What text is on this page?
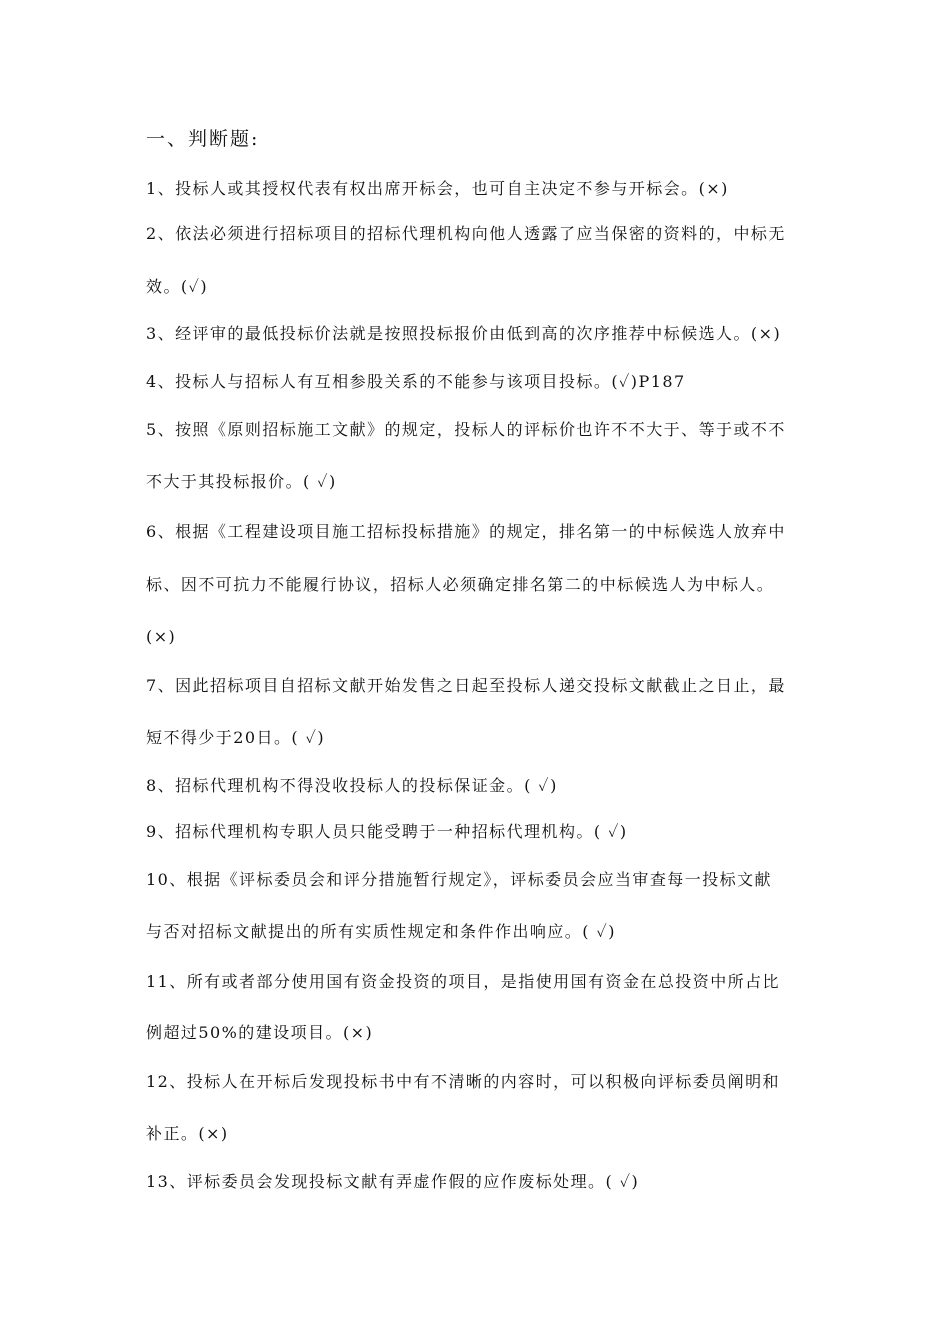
一、判断题:
1、投标人或其授权代表有权出席开标会，也可自主决定不参与开标会。(×)
2、依法必须进行招标项目的招标代理机构向他人透露了应当保密的资料的，中标无
效。(✓)
3、经评审的最低投标价法就是按照投标报价由低到高的次序推荐中标候选人。(×)
4、投标人与招标人有互相参股关系的不能参与该项目投标。(✓)P187
5、按照《原则招标施工文献》的规定，投标人的评标价也许不不大于、等于或不不
不大于其投标报价。( ✓)
6、根据《工程建设项目施工招标投标措施》的规定，排名第一的中标候选人放弃中
标、因不可抗力不能履行协议，招标人必须确定排名第二的中标候选人为中标人。
(×)
7、因此招标项目自招标文献开始发售之日起至投标人递交投标文献截止之日止，最
短不得少于20日。( ✓)
8、招标代理机构不得没收投标人的投标保证金。( ✓)
9、招标代理机构专职人员只能受聘于一种招标代理机构。( ✓)
10、根据《评标委员会和评分措施暂行规定》，评标委员会应当审查每一投标文献
与否对招标文献提出的所有实质性规定和条件作出响应。( ✓)
11、所有或者部分使用国有资金投资的项目，是指使用国有资金在总投资中所占比
例超过50%的建设项目。(×)
12、投标人在开标后发现投标书中有不清晰的内容时，可以积极向评标委员阐明和
补正。(×)
13、评标委员会发现投标文献有弄虚作假的应作废标处理。( ✓)
